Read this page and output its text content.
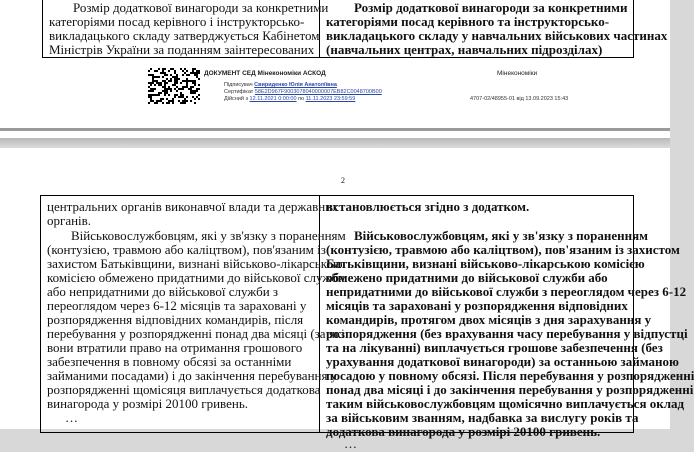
Розмір додаткової винагороди за конкретними
категоріями посад керівного і інструкторсько-
викладацького складу затверджується Кабінетом
Міністрів України за поданням заінтересованих
Розмір додаткової винагороди за конкретними
категоріями посад керівного та інструкторсько-
викладацького складу у навчальних військових частинах
(навчальних центрах, навчальних підрозділах)
ДОКУМЕНТ СЕД Мінекономіки АСКОД	Мінекономіки
Підписувач Свириденко Юлія Анатоліївна
Сертифікат 58E2D967F9003078040000007EB82C0048700B00
Дійсний з 12.11.2021 0:00:00 по 11.11.2023 23:59:59	4707-02/48955-01 від 13.09.2023 15:43
2
центральних органів виконавчої влади та державних
органів.
Військовослужбовцям, які у зв'язку з пораненням
(контузією, травмою або каліцтвом), пов'язаним із
захистом Батьківщини, визнані військово-лікарською
комісією обмежено придатними до військової служби
або непридатними до військової служби з
переоглядом через 6-12 місяців та зараховані у
розпорядження відповідних командирів, після
перебування у розпорядженні понад два місяці (за які
вони втратили право на отримання грошового
забезпечення в повному обсязі за останніми
займаними посадами) і до закінчення перебування у
розпорядженні щомісяця виплачується додаткова
винагорода у розмірі 20100 гривень.
…
встановлюється згідно з додатком.
Військовослужбовцям, які у зв'язку з пораненням
(контузією, травмою або каліцтвом), пов'язаним із захистом
Батьківщини, визнані військово-лікарською комісією
обмежено придатними до військової служби або
непридатними до військової служби з переоглядом через 6-12
місяців та зараховані у розпорядження відповідних
командирів, протягом двох місяців з дня зарахування у
розпорядження (без врахування часу перебування у відпустці
та на лікуванні) виплачується грошове забезпечення (без
урахування додаткової винагороди) за останньою займаною
посадою у повному обсязі. Після перебування у розпорядженні
понад два місяці і до закінчення перебування у розпорядженні
таким військовослужбовцям щомісячно виплачується оклад
за військовим званням, надбавка за вислугу років та
додаткова винагорода у розмірі 20100 гривень.
…
